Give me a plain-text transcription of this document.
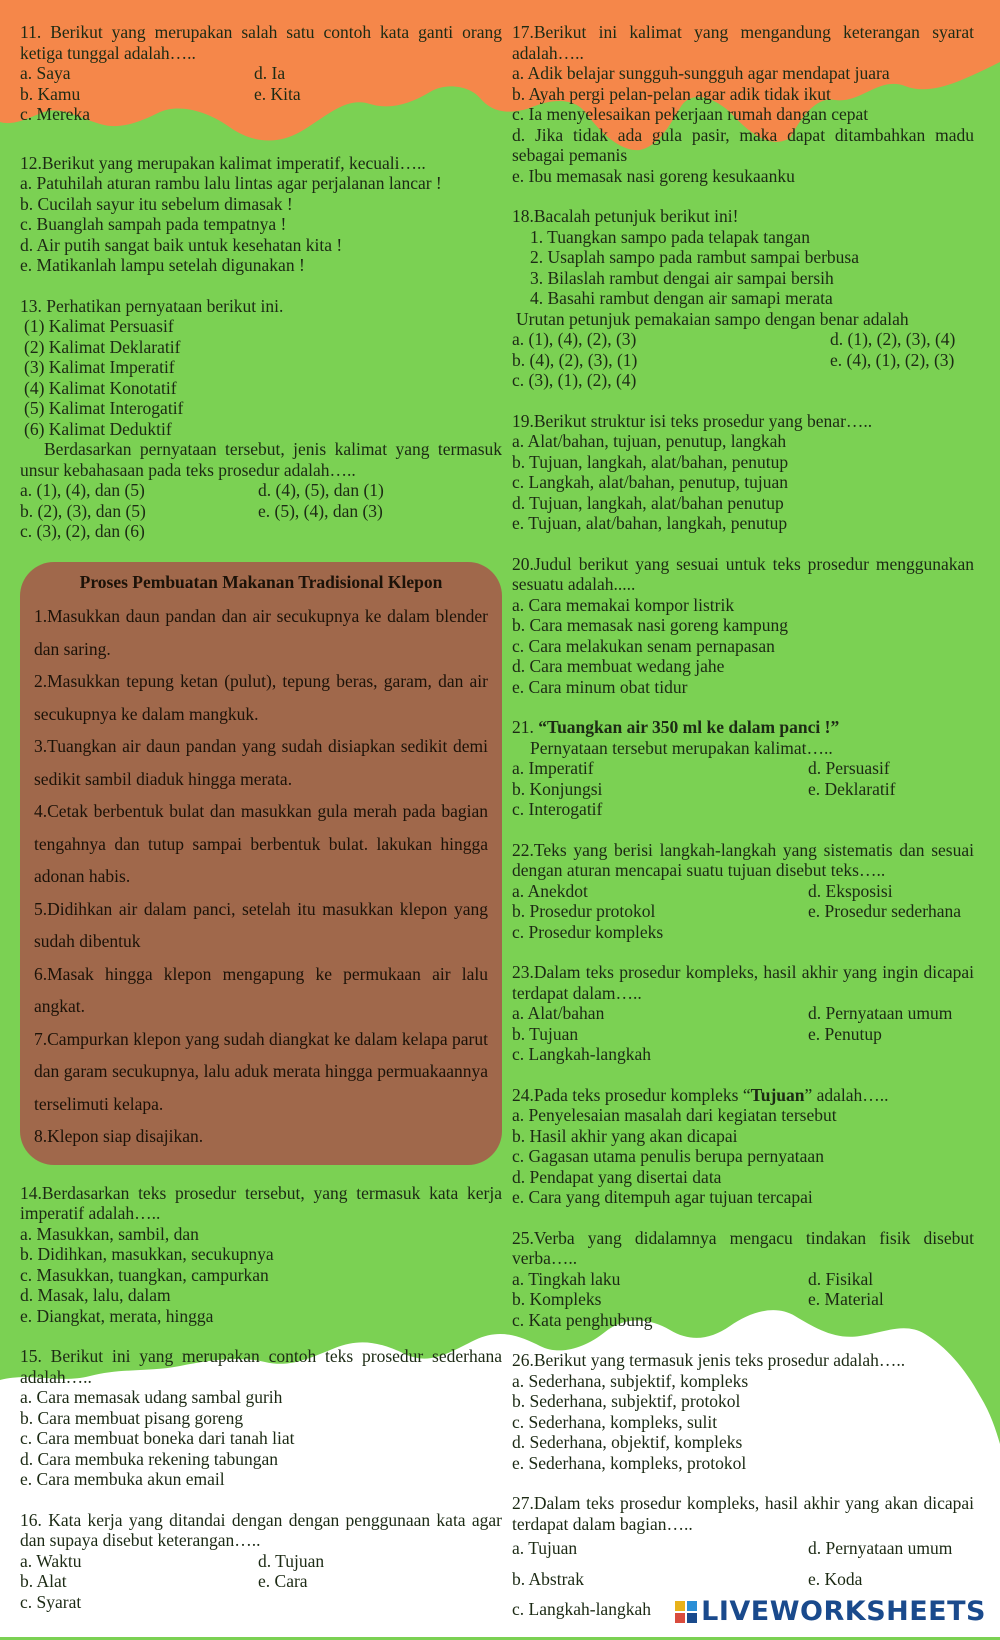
11. Berikut yang merupakan salah satu contoh kata ganti orang ketiga tunggal adalah…..
a. Saya	d. Ia
b. Kamu	e. Kita
c. Mereka
12.Berikut yang merupakan kalimat imperatif, kecuali…..
a. Patuhilah aturan rambu lalu lintas agar perjalanan lancar !
b. Cucilah sayur itu sebelum dimasak !
c. Buanglah sampah pada tempatnya !
d. Air putih sangat baik untuk kesehatan kita !
e. Matikanlah lampu setelah digunakan !
13. Perhatikan pernyataan berikut ini.
(1) Kalimat Persuasif
(2) Kalimat Deklaratif
(3) Kalimat Imperatif
(4) Kalimat Konotatif
(5) Kalimat Interogatif
(6) Kalimat Deduktif
Berdasarkan pernyataan tersebut, jenis kalimat yang termasuk unsur kebahasaan pada teks prosedur adalah…..
a. (1), (4), dan (5)	d. (4), (5), dan (1)
b. (2), (3), dan (5)	e. (5), (4), dan (3)
c. (3), (2), dan (6)
Proses Pembuatan Makanan Tradisional Klepon
1.Masukkan daun pandan dan air secukupnya ke dalam blender dan saring.
2.Masukkan tepung ketan (pulut), tepung beras, garam, dan air secukupnya ke dalam mangkuk.
3.Tuangkan air daun pandan yang sudah disiapkan sedikit demi sedikit sambil diaduk hingga merata.
4.Cetak berbentuk bulat dan masukkan gula merah pada bagian tengahnya dan tutup sampai berbentuk bulat. lakukan hingga adonan habis.
5.Didihkan air dalam panci, setelah itu masukkan klepon yang sudah dibentuk
6.Masak hingga klepon mengapung ke permukaan air lalu angkat.
7.Campurkan klepon yang sudah diangkat ke dalam kelapa parut dan garam secukupnya, lalu aduk merata hingga permuakaannya terselimuti kelapa.
8.Klepon siap disajikan.
14.Berdasarkan teks prosedur tersebut, yang termasuk kata kerja imperatif adalah…..
a. Masukkan, sambil, dan
b. Didihkan, masukkan, secukupnya
c. Masukkan, tuangkan, campurkan
d. Masak, lalu, dalam
e. Diangkat, merata, hingga
15. Berikut ini yang merupakan contoh teks prosedur sederhana adalah…..
a. Cara memasak udang sambal gurih
b. Cara membuat pisang goreng
c. Cara membuat boneka dari tanah liat
d. Cara membuka rekening tabungan
e. Cara membuka akun email
16. Kata kerja yang ditandai dengan dengan penggunaan kata agar dan supaya disebut keterangan…..
a. Waktu	d. Tujuan
b. Alat	e. Cara
c. Syarat
17.Berikut ini kalimat yang mengandung keterangan syarat adalah…..
a. Adik belajar sungguh-sungguh agar mendapat juara
b. Ayah pergi pelan-pelan agar adik tidak ikut
c. Ia menyelesaikan pekerjaan rumah dangan cepat
d. Jika tidak ada gula pasir, maka dapat ditambahkan madu sebagai pemanis
e. Ibu memasak nasi goreng kesukaanku
18.Bacalah petunjuk berikut ini!
1. Tuangkan sampo pada telapak tangan
2. Usaplah sampo pada rambut sampai berbusa
3. Bilaslah rambut dengai air sampai bersih
4. Basahi rambut dengan air samapi merata
Urutan petunjuk pemakaian sampo dengan benar adalah
a. (1), (4), (2), (3)	d. (1), (2), (3), (4)
b. (4), (2), (3), (1)	e. (4), (1), (2), (3)
c. (3), (1), (2), (4)
19.Berikut struktur isi teks prosedur yang benar…..
a. Alat/bahan, tujuan, penutup, langkah
b. Tujuan, langkah, alat/bahan, penutup
c. Langkah, alat/bahan, penutup, tujuan
d. Tujuan, langkah, alat/bahan penutup
e. Tujuan, alat/bahan, langkah, penutup
20.Judul berikut yang sesuai untuk teks prosedur menggunakan sesuatu adalah.....
a. Cara memakai kompor listrik
b. Cara memasak nasi goreng kampung
c. Cara melakukan senam pernapasan
d. Cara membuat wedang jahe
e. Cara minum obat tidur
21. “Tuangkan air 350 ml ke dalam panci !”
Pernyataan tersebut merupakan kalimat…..
a. Imperatif	d. Persuasif
b. Konjungsi	e. Deklaratif
c. Interogatif
22.Teks yang berisi langkah-langkah yang sistematis dan sesuai dengan aturan mencapai suatu tujuan disebut teks…..
a. Anekdot	d. Eksposisi
b. Prosedur protokol	e. Prosedur sederhana
c. Prosedur kompleks
23.Dalam teks prosedur kompleks, hasil akhir yang ingin dicapai terdapat dalam…..
a. Alat/bahan	d. Pernyataan umum
b. Tujuan	e. Penutup
c. Langkah-langkah
24.Pada teks prosedur kompleks “Tujuan” adalah…..
a. Penyelesaian masalah dari kegiatan tersebut
b. Hasil akhir yang akan dicapai
c. Gagasan utama penulis berupa pernyataan
d. Pendapat yang disertai data
e. Cara yang ditempuh agar tujuan tercapai
25.Verba yang didalamnya mengacu tindakan fisik disebut verba…..
a. Tingkah laku	d. Fisikal
b. Kompleks	e. Material
c. Kata penghubung
26.Berikut yang termasuk jenis teks prosedur adalah…..
a. Sederhana, subjektif, kompleks
b. Sederhana, subjektif, protokol
c. Sederhana, kompleks, sulit
d. Sederhana, objektif, kompleks
e. Sederhana, kompleks, protokol
27.Dalam teks prosedur kompleks, hasil akhir yang akan dicapai terdapat dalam bagian…..
a. Tujuan	d. Pernyataan umum
b. Abstrak	e. Koda
c. Langkah-langkah	LIVEWORKSHEETS
